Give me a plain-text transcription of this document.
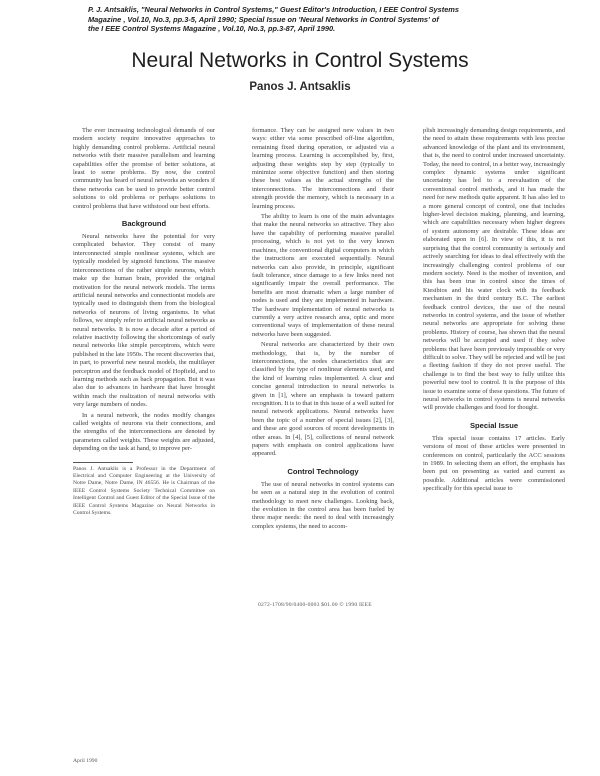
P. J. Antsaklis, "Neural Networks in Control Systems," Guest Editor's Introduction, I EEE Control Systems
Magazine , Vol.10, No.3, pp.3-5, April 1990; Special Issue on 'Neural Networks in Control Systems' of
the I EEE Control Systems Magazine , Vol.10, No.3, pp.3-87, April 1990.
Neural Networks in Control Systems
Panos J. Antsaklis

The ever increasing technological demands of our modern society require innovative approaches to highly demanding control problems. Artificial neural networks with their massive parallelism and learning capabilities offer the promise of better solutions, at least to some problems. By now, the control community has heard of neural networks an wonders if these networks can be used to provide better control solutions to old problems or perhaps solutions to control problems that have withstood our best efforts.

Background

Neural networks have the potential for very complicated behavior. They consist of many interconnected simple nonlinear systems, which are typically modeled by sigmoid functions. The massive interconnections of the rather simple neurons, which make up the human brain, provided the original motivation for the neural network models. The terms artificial neural networks and connectionist models are typically used to distinguish them from the biological networks of neurons of living organisms. In what follows, we simply refer to artificial neural networks as neural networks. It is now a decade after a period of relative inactivity following the shortcomings of early neural networks like simple perceptrons, which were published in the late 1950s. The recent discoveries that, in part, to powerful new neural models, the multilayer perceptron and the feedback model of Hopfield, and to learning methods such as back propagation. But it was also due to advances in hardware that have brought within reach the realization of neural networks with very large numbers of nodes.

In a neural network, the nodes modify changes called weights of neurons via their connections, and the strengths of the interconnections are denoted by parameters called weights. These weights are adjusted, depending on the task at hand, to improve per-

Panos J. Antsaklis is a Professor in the Department of Electrical and Computer Engineering at the University of Notre Dame, Notre Dame, IN 46556. He is Chairman of the IEEE Control Systems Society Technical Committee on Intelligent Control and Guest Editor of the Special Issue of the IEEE Control Systems Magazine on Neural Networks in Control Systems.

formance. They can be assigned new values in two ways: either via some prescribed off-line algorithm, remaining fixed during operation, or adjusted via a learning process. Learning is accomplished by, first, adjusting these weights step by step (typically to minimize some objective function) and then storing these best values as the actual strengths of the interconnections. The interconnections and their strength provide the memory, which is necessary in a learning process.

The ability to learn is one of the main advantages that make the neural networks so attractive. They also have the capability of performing massive parallel processing, which is not yet to the very known machines, the conventional digital computers in which the instructions are executed sequentially. Neural networks can also provide, in principle, significant fault tolerance, since damage to a few links need not significantly impair the overall performance. The benefits are most dramatic when a large number of nodes is used and they are implemented in hardware. The hardware implementation of neural networks is currently a very active research area, optic and more conventional ways of implementation of these neural networks have been suggested.

Neural networks are characterized by their own methodology, that is, by the number of interconnections, the nodes characteristics that are classified by the type of nonlinear elements used, and the kind of learning rules implemented. A clear and concise general introduction to neural networks is given in [1], where an emphasis is toward pattern recognition. It is to that in this issue of a well suited for neural network applications. Neural networks have been the topic of a number of special issues [2], [3], and these are good sources of recent developments in other areas. In [4], [5], collections of neural network papers with emphasis on control applications have appeared.

Control Technology

The use of neural networks in control systems can be seen as a natural step in the evolution of control methodology to meet new challenges. Looking back, the evolution in the control area has been fueled by three major needs: the need to deal with increasingly complex systems, the need to accom-

plish increasingly demanding design requirements, and the need to attain these requirements with less precise advanced knowledge of the plant and its environment, that is, the need to control under increased uncertainty. Today, the need to control, in a better way, increasingly complex dynamic systems under significant uncertainty has led to a reevaluation of the conventional control methods, and it has made the need for new methods quite apparent. It has also led to a more general concept of control, one that includes higher-level decision making, planning, and learning, which are capabilities necessary when higher degrees of system autonomy are desirable. These ideas are elaborated upon in [6]. In view of this, it is not surprising that the control community is seriously and actively searching for ideas to deal effectively with the increasingly challenging control problems of our modern society. Need is the mother of invention, and this has been true in control since the times of Ktesibios and his water clock with its feedback mechanism in the third century B.C. The earliest feedback control devices, the use of the neural networks in control systems, and the issue of whether neural networks are appropriate for solving these problems. History of course, has shown that the neural networks will be accepted and used if they solve problems that have been previously impossible or very difficult to solve. They will be rejected and will be just a fleeting fashion if they do not prove useful. The challenge is to find the best way to fully utilize this powerful new tool to control. It is the purpose of this issue to examine some of these questions. The future of neural networks in control systems is neural networks will provide challenges and food for thought.

Special Issue

This special issue contains 17 articles. Early versions of most of these articles were presented in conferences on control, particularly the ACC sessions in 1989. In selecting them an effort, the emphasis has been put on presenting as varied and current as possible. Additional articles were commissioned specifically for this special issue to

0272-1708/90/0400-0003 $01.00 © 1990 IEEE
April 1990
